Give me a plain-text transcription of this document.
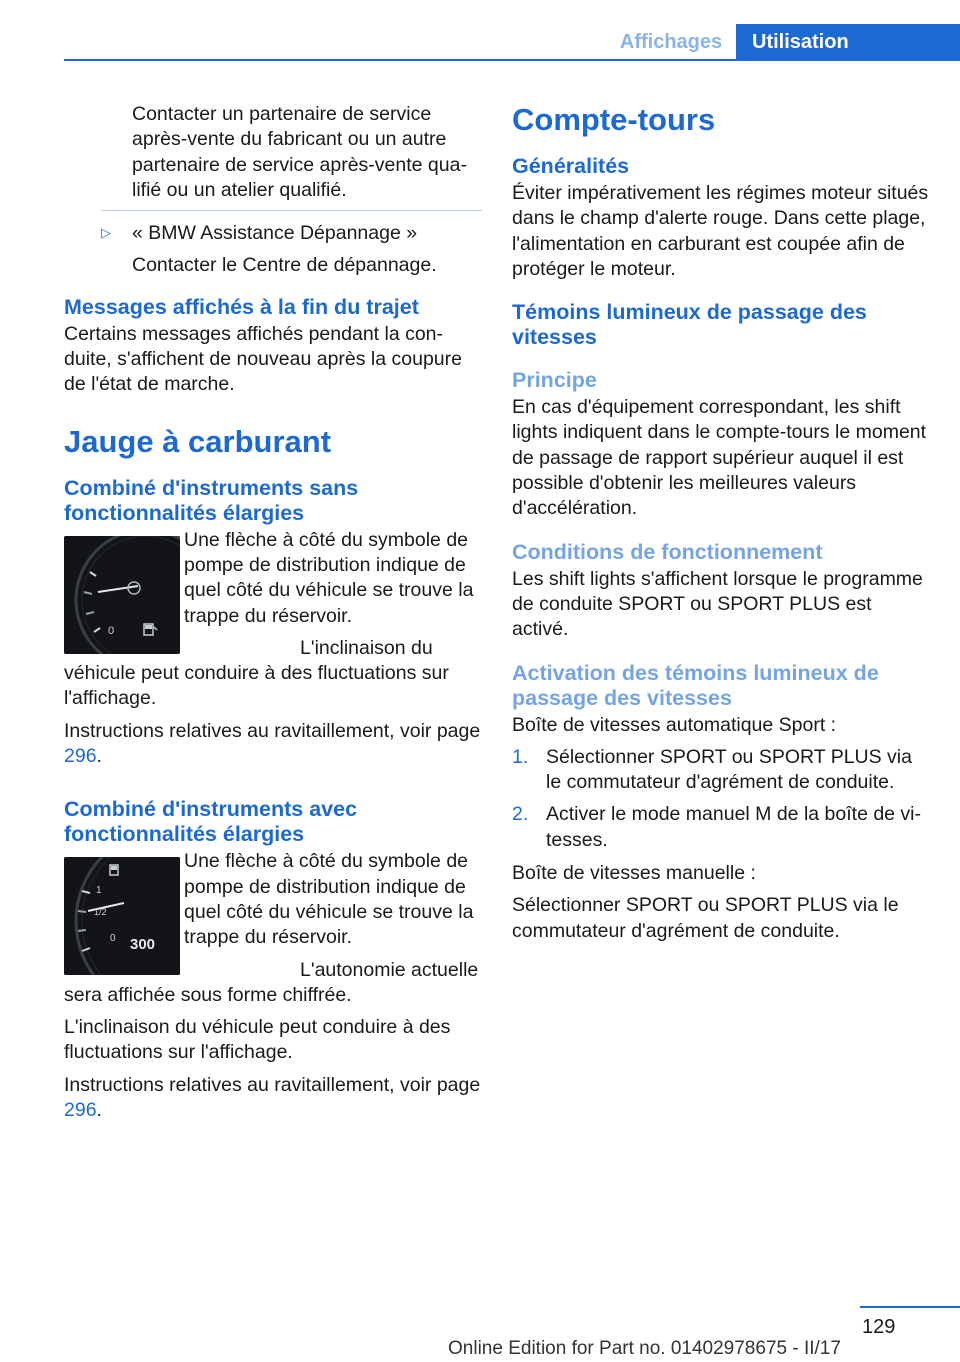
Affichages	Utilisation

Contacter un partenaire de service après-vente du fabricant ou un autre partenaire de service après-vente qualifié ou un atelier qualifié.

▷ « BMW Assistance Dépannage »

Contacter le Centre de dépannage.

Messages affichés à la fin du trajet

Certains messages affichés pendant la conduite, s'affichent de nouveau après la coupure de l'état de marche.

Jauge à carburant
Combiné d'instruments sans fonctionnalités élargies
0

Une flèche à côté du symbole de pompe de distribution indique de quel côté du véhicule se trouve la trappe du réservoir.

L'inclinaison du véhicule peut conduire à des fluctuations sur l'affichage.

Instructions relatives au ravitaillement, voir page 296.

Combiné d'instruments avec fonctionnalités élargies
1
1/2
0 300

Une flèche à côté du symbole de pompe de distribution indique de quel côté du véhicule se trouve la trappe du réservoir.

L'autonomie actuelle sera affichée sous forme chiffrée.

L'inclinaison du véhicule peut conduire à des fluctuations sur l'affichage.

Instructions relatives au ravitaillement, voir page 296.

Compte-tours
Généralités

Éviter impérativement les régimes moteur situés dans le champ d'alerte rouge. Dans cette plage, l'alimentation en carburant est coupée afin de protéger le moteur.

Témoins lumineux de passage des vitesses
Principe

En cas d'équipement correspondant, les shift lights indiquent dans le compte-tours le moment de passage de rapport supérieur auquel il est possible d'obtenir les meilleures valeurs d'accélération.

Conditions de fonctionnement

Les shift lights s'affichent lorsque le programme de conduite SPORT ou SPORT PLUS est activé.

Activation des témoins lumineux de passage des vitesses

Boîte de vitesses automatique Sport :

1. Sélectionner SPORT ou SPORT PLUS via le commutateur d'agrément de conduite.
2. Activer le mode manuel M de la boîte de vitesses.

Boîte de vitesses manuelle :

Sélectionner SPORT ou SPORT PLUS via le commutateur d'agrément de conduite.

129
Online Edition for Part no. 01402978675 - II/17
